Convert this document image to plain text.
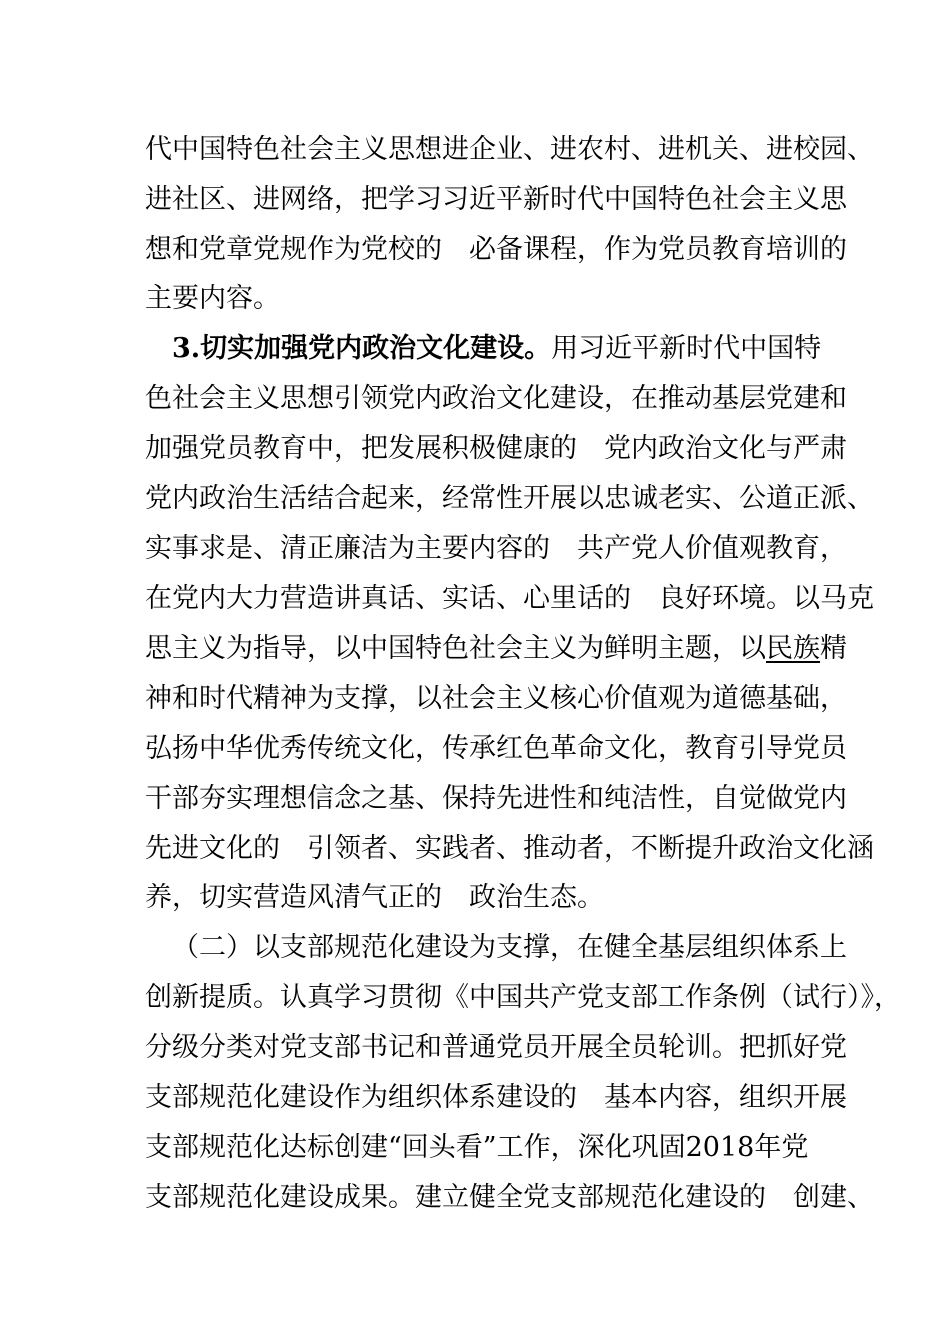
代中国特色社会主义思想进企业、进农村、进机关、进校园、
进社区、进网络，把学习习近平新时代中国特色社会主义思
想和党章党规作为党校的　必备课程，作为党员教育培训的
主要内容。
3.切实加强党内政治文化建设。用习近平新时代中国特
色社会主义思想引领党内政治文化建设，在推动基层党建和
加强党员教育中，把发展积极健康的　党内政治文化与严肃
党内政治生活结合起来，经常性开展以忠诚老实、公道正派、
实事求是、清正廉洁为主要内容的　共产党人价值观教育，
在党内大力营造讲真话、实话、心里话的　良好环境。以马克
思主义为指导，以中国特色社会主义为鲜明主题，以民族精
神和时代精神为支撑，以社会主义核心价值观为道德基础，
弘扬中华优秀传统文化，传承红色革命文化，教育引导党员
干部夯实理想信念之基、保持先进性和纯洁性，自觉做党内
先进文化的　引领者、实践者、推动者，不断提升政治文化涵
养，切实营造风清气正的　政治生态。
（二）以支部规范化建设为支撑，在健全基层组织体系上
创新提质。认真学习贯彻《中国共产党支部工作条例（试行）》，
分级分类对党支部书记和普通党员开展全员轮训。把抓好党
支部规范化建设作为组织体系建设的　基本内容，组织开展
支部规范化达标创建“回头看”工作，深化巩固2018年党
支部规范化建设成果。建立健全党支部规范化建设的　创建、
